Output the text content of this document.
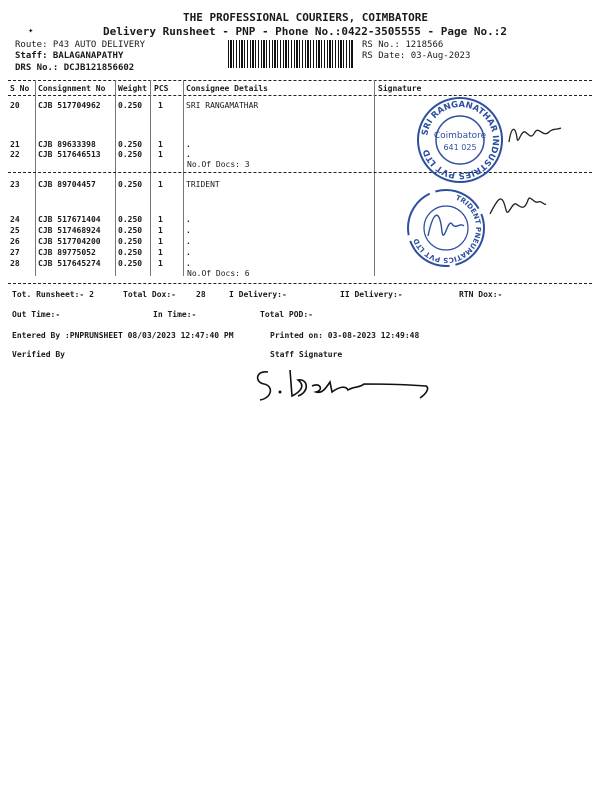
THE PROFESSIONAL COURIERS, COIMBATORE
✦	Delivery Runsheet - PNP - Phone No.:0422-3505555 - Page No.:2
Route: P43 AUTO DELIVERY
Staff: BALAGANAPATHY
DRS No.: DCJB121856602
RS No.: 1218566
RS Date: 03-Aug-2023
S No Consignment No Weight PCS Consignee Details	Signature
20 CJB 517704962 0.250 1	SRI RANGAMATHAR
21 CJB 89633398	0.250 1	.
22 CJB 517646513 0.250 1	.
No.Of Docs: 3
23 CJB 89704457	0.250 1	TRIDENT
24 CJB 517671404 0.250 1	.
25 CJB 517468924 0.250 1	.
26 CJB 517704200 0.250 1	.
27 CJB 89775052	0.250 1	.
28 CJB 517645274 0.250 1	.
No.Of Docs: 6
SRI RANGANATHAR INDUSTRIES PVT LTD
Coimbatore
641 025
TRIDENT PNEUMATICS PVT LTD
Tot. Runsheet:- 2	Total Dox:-	28	I Delivery:-	II Delivery:-	RTN Dox:-
Out Time:-	In Time:-	Total POD:-
Entered By :PNPRUNSHEET 08/03/2023 12:47:40 PM	Printed on: 03-08-2023 12:49:48
Verified By	Staff Signature
